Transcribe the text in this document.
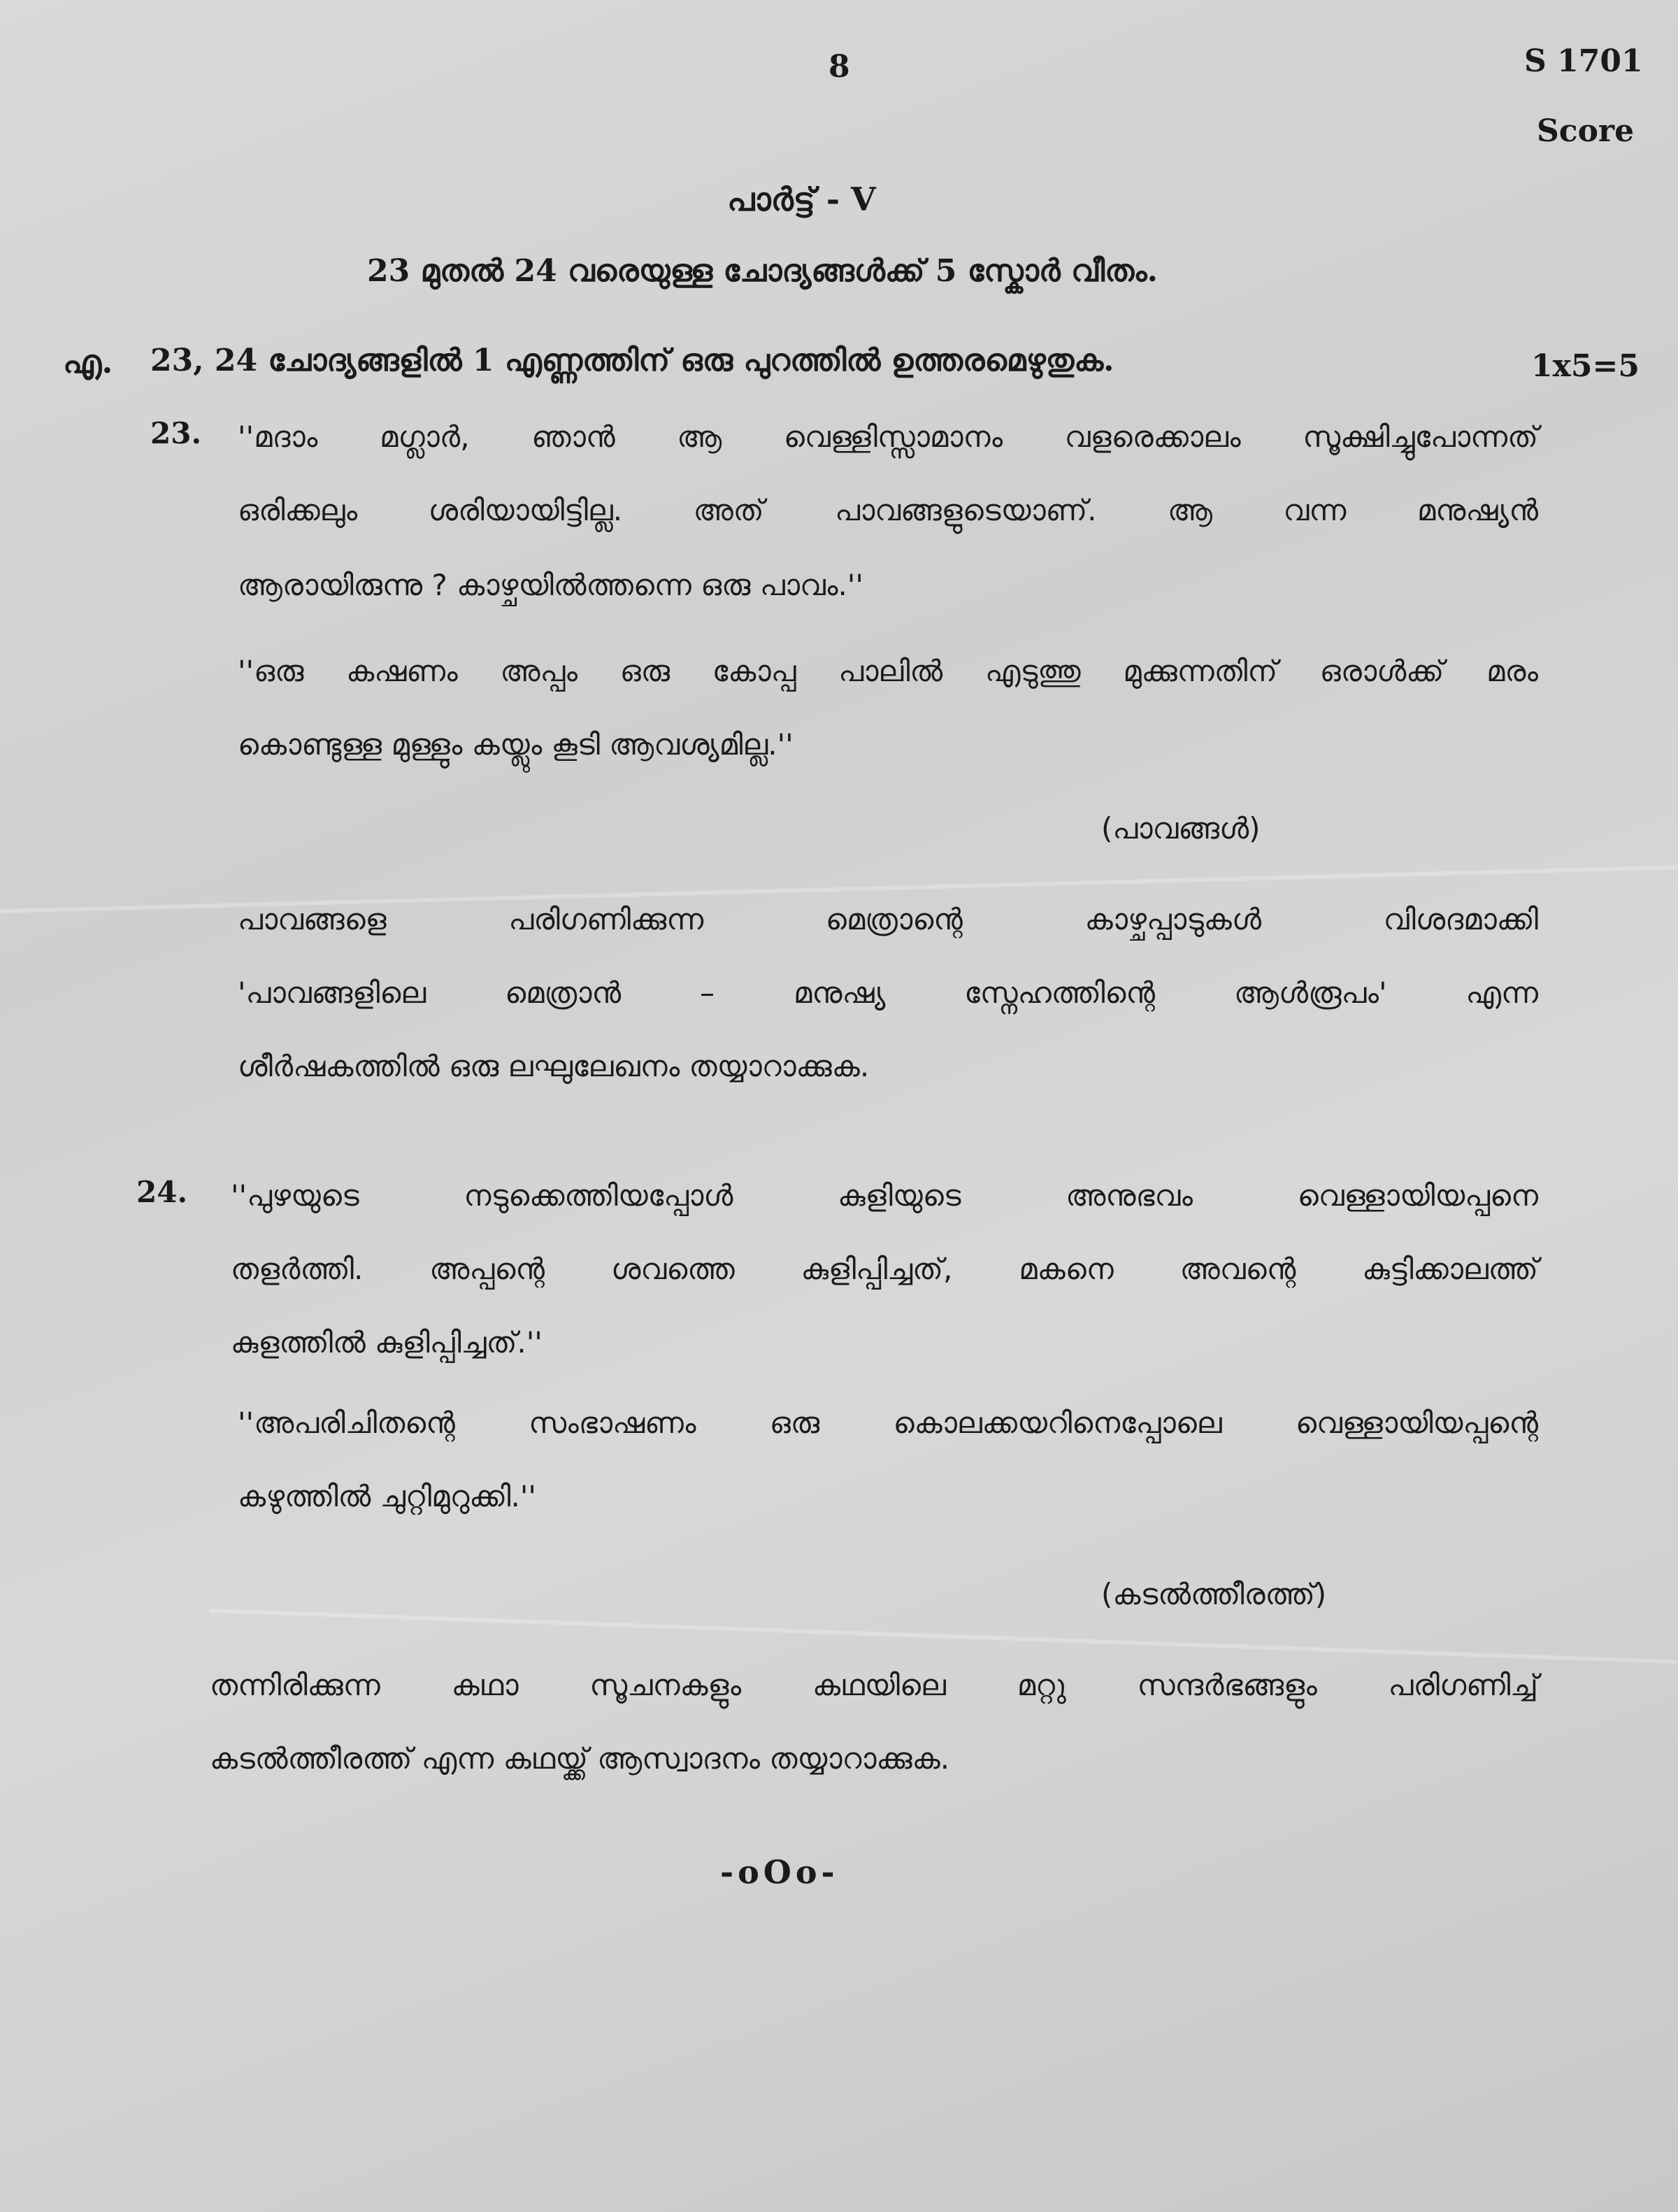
8	S 1701
Score
പാർട്ട് - V
23 മുതൽ 24 വരെയുള്ള ചോദ്യങ്ങൾക്ക് 5 സ്കോർ വീതം.
എ. 23, 24 ചോദ്യങ്ങളിൽ 1 എണ്ണത്തിന് ഒരു പുറത്തിൽ ഉത്തരമെഴുതുക.	1x5=5
23. ''മദാം മഗ്ലാർ, ഞാൻ ആ വെള്ളിസ്സാമാനം വളരെക്കാലം സൂക്ഷിച്ചുപോന്നത്
ഒരിക്കലും ശരിയായിട്ടില്ല. അത് പാവങ്ങളുടെയാണ്. ആ വന്ന മനുഷ്യൻ
ആരായിരുന്നു ? കാഴ്ചയിൽത്തന്നെ ഒരു പാവം.''
''ഒരു കഷണം അപ്പം ഒരു കോപ്പ പാലിൽ എടുത്തു മുക്കുന്നതിന് ഒരാൾക്ക് മരം
കൊണ്ടുള്ള മുള്ളും കയ്ലും കൂടി ആവശ്യമില്ല.''
(പാവങ്ങൾ)
പാവങ്ങളെ പരിഗണിക്കുന്ന മെത്രാന്റെ കാഴ്ചപ്പാടുകൾ വിശദമാക്കി
'പാവങ്ങളിലെ മെത്രാൻ – മനുഷ്യ സ്നേഹത്തിന്റെ ആൾരൂപം' എന്ന
ശീർഷകത്തിൽ ഒരു ലഘുലേഖനം തയ്യാറാക്കുക.
24. ''പുഴയുടെ നടുക്കെത്തിയപ്പോൾ കുളിയുടെ അനുഭവം വെള്ളായിയപ്പനെ
തളർത്തി. അപ്പന്റെ ശവത്തെ കുളിപ്പിച്ചത്, മകനെ അവന്റെ കുട്ടിക്കാലത്ത്
കുളത്തിൽ കുളിപ്പിച്ചത്.''
''അപരിചിതന്റെ സംഭാഷണം ഒരു കൊലക്കയറിനെപ്പോലെ വെള്ളായിയപ്പന്റെ
കഴുത്തിൽ ചുറ്റിമുറുക്കി.''
(കടൽത്തീരത്ത്)
തന്നിരിക്കുന്ന കഥാ സൂചനകളും കഥയിലെ മറ്റു സന്ദർഭങ്ങളും പരിഗണിച്ച്
കടൽത്തീരത്ത് എന്ന കഥയ്ക്ക് ആസ്വാദനം തയ്യാറാക്കുക.
-oOo-
